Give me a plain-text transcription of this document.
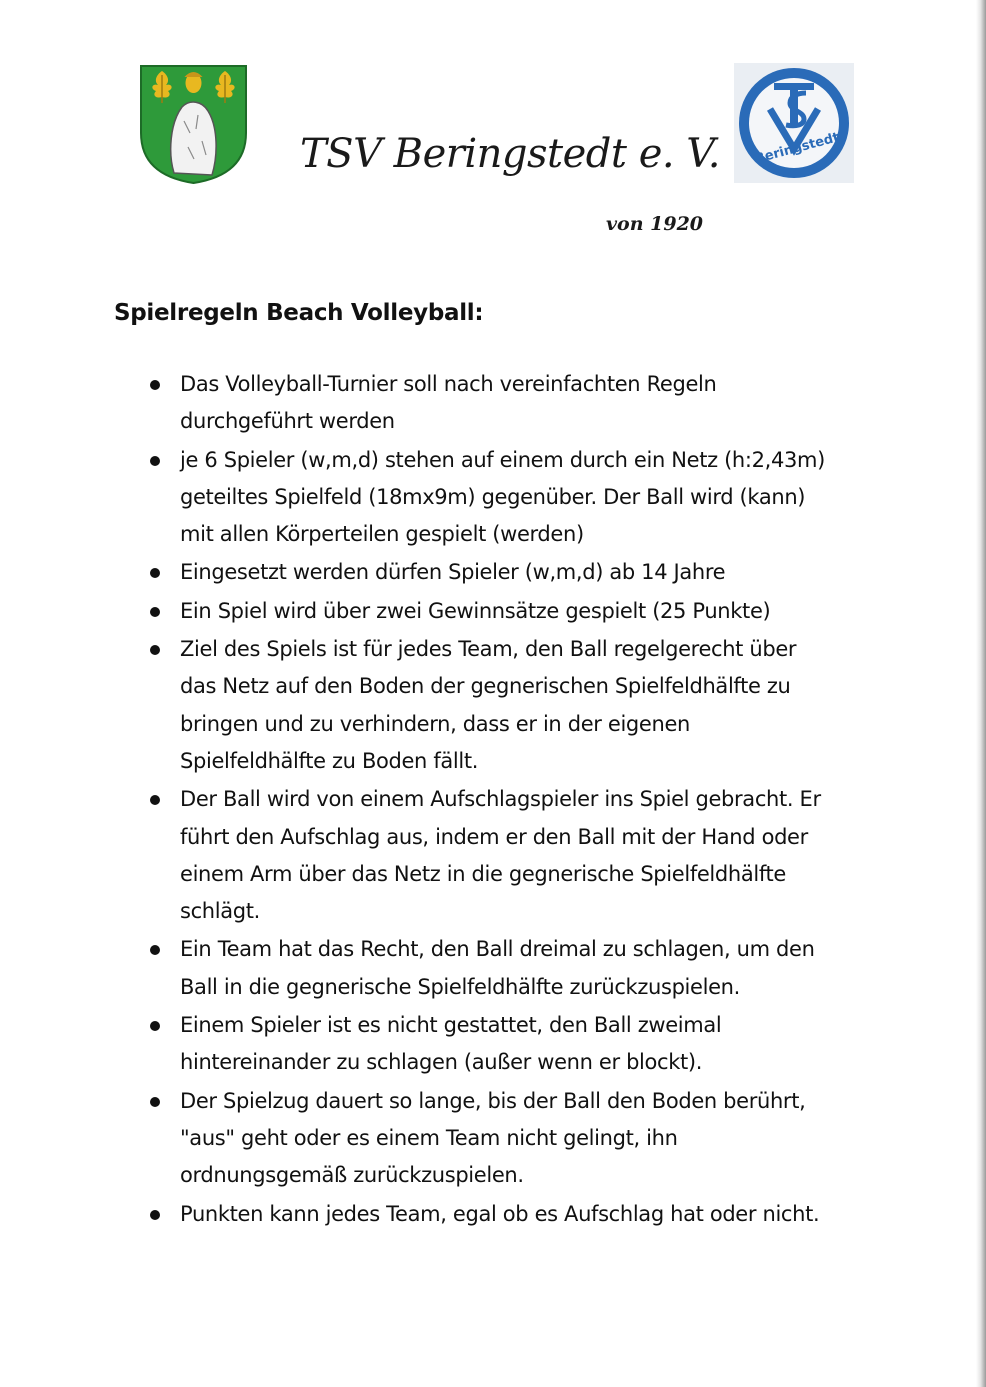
TSV Beringstedt e. V.
von 1920
Beringstedt
Spielregeln Beach Volleyball:
Das Volleyball-Turnier soll nach vereinfachten Regeln
durchgeführt werden
je 6 Spieler (w,m,d) stehen auf einem durch ein Netz (h:2,43m)
geteiltes Spielfeld (18mx9m) gegenüber. Der Ball wird (kann)
mit allen Körperteilen gespielt (werden)
Eingesetzt werden dürfen Spieler (w,m,d) ab 14 Jahre
Ein Spiel wird über zwei Gewinnsätze gespielt (25 Punkte)
Ziel des Spiels ist für jedes Team, den Ball regelgerecht über
das Netz auf den Boden der gegnerischen Spielfeldhälfte zu
bringen und zu verhindern, dass er in der eigenen
Spielfeldhälfte zu Boden fällt.
Der Ball wird von einem Aufschlagspieler ins Spiel gebracht. Er
führt den Aufschlag aus, indem er den Ball mit der Hand oder
einem Arm über das Netz in die gegnerische Spielfeldhälfte
schlägt.
Ein Team hat das Recht, den Ball dreimal zu schlagen, um den
Ball in die gegnerische Spielfeldhälfte zurückzuspielen.
Einem Spieler ist es nicht gestattet, den Ball zweimal
hintereinander zu schlagen (außer wenn er blockt).
Der Spielzug dauert so lange, bis der Ball den Boden berührt,
"aus" geht oder es einem Team nicht gelingt, ihn
ordnungsgemäß zurückzuspielen.
Punkten kann jedes Team, egal ob es Aufschlag hat oder nicht.
